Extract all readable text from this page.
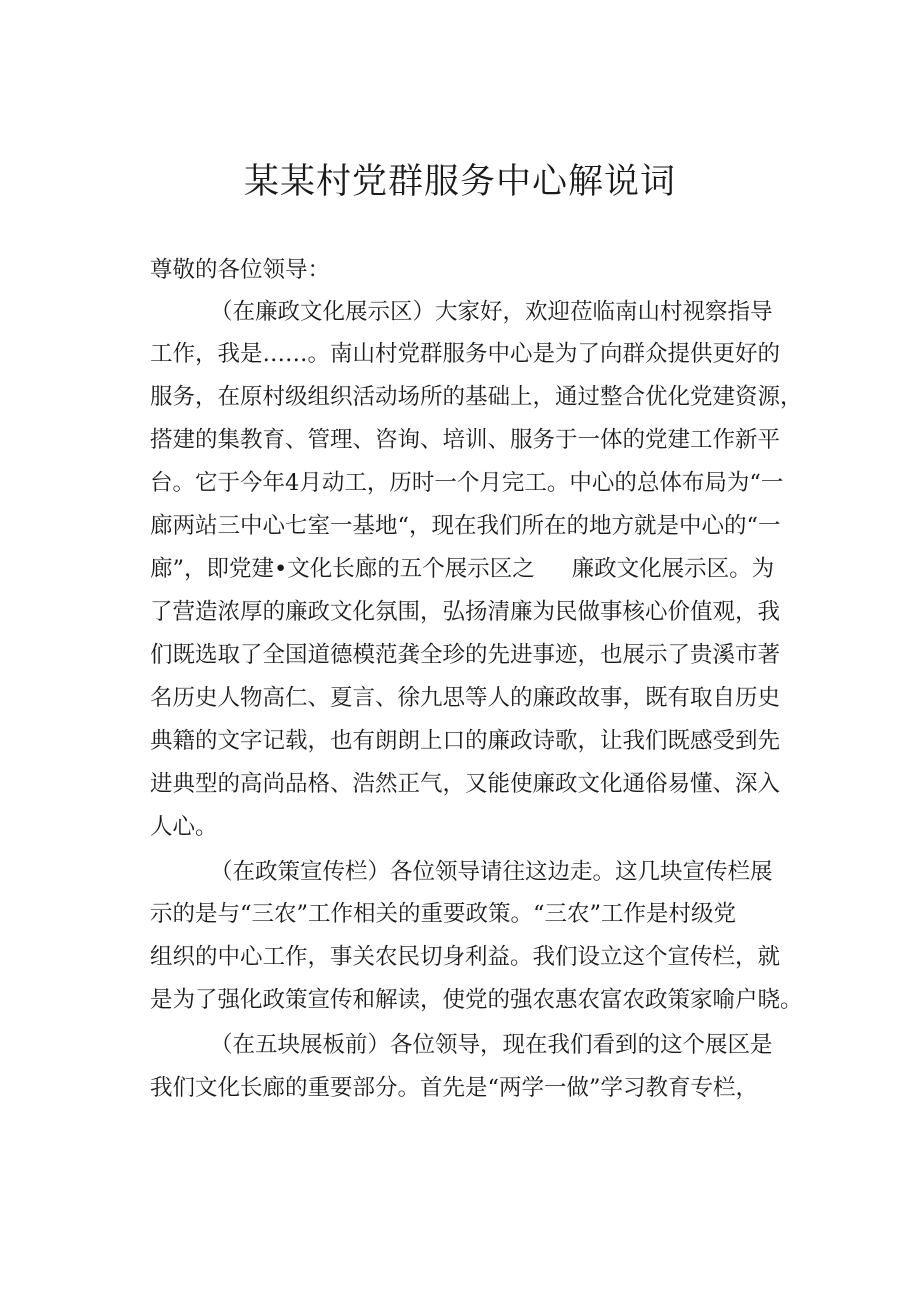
某某村党群服务中心解说词
尊敬的各位领导：
（在廉政文化展示区）大家好，欢迎莅临南山村视察指导
工作，我是……。南山村党群服务中心是为了向群众提供更好的
服务，在原村级组织活动场所的基础上，通过整合优化党建资源，
搭建的集教育、管理、咨询、培训、服务于一体的党建工作新平
台。它于今年4月动工，历时一个月完工。中心的总体布局为“一
廊两站三中心七室一基地“，现在我们所在的地方就是中心的“一
廊”，即党建•文化长廊的五个展示区之 　 廉政文化展示区。为
了营造浓厚的廉政文化氛围，弘扬清廉为民做事核心价值观，我
们既选取了全国道德模范龚全珍的先进事迹，也展示了贵溪市著
名历史人物高仁、夏言、徐九思等人的廉政故事，既有取自历史
典籍的文字记载，也有朗朗上口的廉政诗歌，让我们既感受到先
进典型的高尚品格、浩然正气，又能使廉政文化通俗易懂、深入
人心。
（在政策宣传栏）各位领导请往这边走。这几块宣传栏展
示的是与“三农”工作相关的重要政策。“三农”工作是村级党
组织的中心工作，事关农民切身利益。我们设立这个宣传栏，就
是为了强化政策宣传和解读，使党的强农惠农富农政策家喻户晓。
（在五块展板前）各位领导，现在我们看到的这个展区是
我们文化长廊的重要部分。首先是“两学一做”学习教育专栏，
